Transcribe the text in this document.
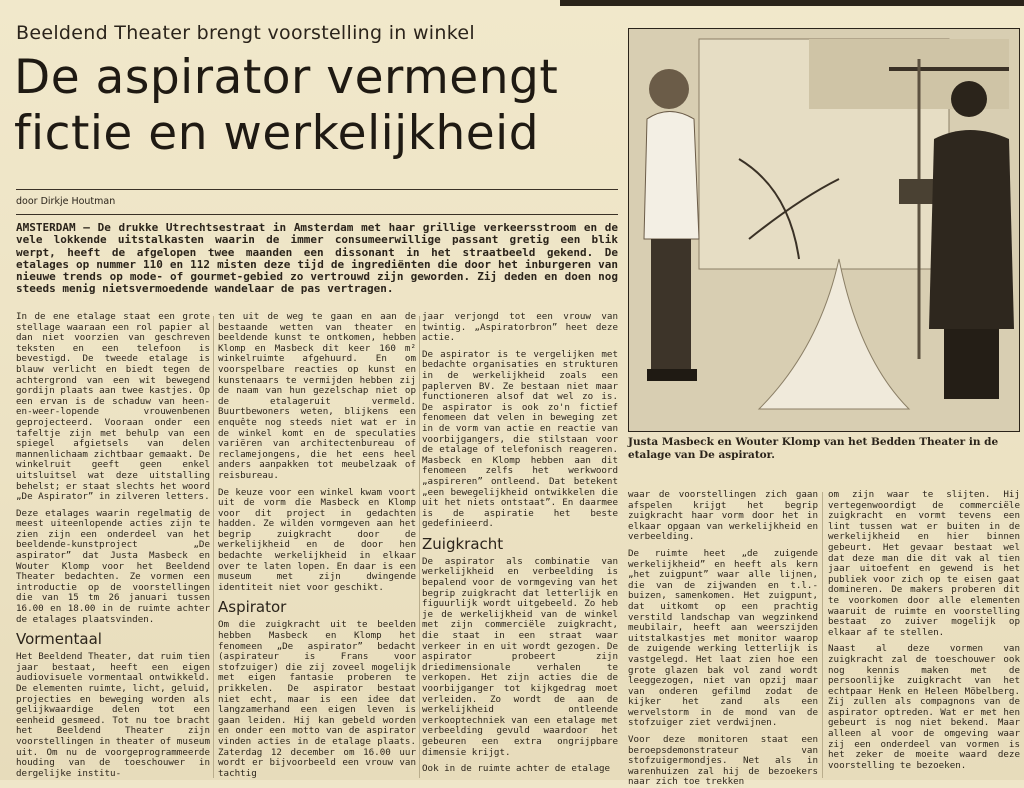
Beeldend Theater brengt voorstelling in winkel
De aspirator vermengt
fictie en werkelijkheid
door Dirkje Houtman
AMSTERDAM — De drukke Utrechtsestraat in Amsterdam met haar grillige verkeersstroom en de vele lokkende uitstalkasten waarin de immer consumeerwillige passant gretig een blik werpt, heeft de afgelopen twee maanden een dissonant in het straatbeeld gekend. De etalages op nummer 110 en 112 misten deze tijd de ingrediënten die door het inburgeren van nieuwe trends op mode- of gourmet-gebied zo vertrouwd zijn geworden. Zij deden en doen nog steeds menig nietsvermoedende wandelaar de pas vertragen.

In de ene etalage staat een grote stellage waaraan een rol papier al dan niet voorzien van geschreven teksten en een telefoon is bevestigd. De tweede etalage is blauw verlicht en biedt tegen de achtergrond van een wit bewegend gordijn plaats aan twee kastjes. Op een ervan is de schaduw van heen-en-weer-lopende vrouwenbenen geprojecteerd. Vooraan onder een tafeltje zijn met behulp van een spiegel afgietsels van delen mannenlichaam zichtbaar gemaakt. De winkelruit geeft geen enkel uitsluitsel wat deze uitstalling behelst; er staat slechts het woord „De Aspirator” in zilveren letters.

Deze etalages waarin regelmatig de meest uiteenlopende acties zijn te zien zijn een onderdeel van het beeldende-kunstproject „De aspirator” dat Justa Masbeck en Wouter Klomp voor het Beeldend Theater bedachten. Ze vormen een introductie op de voorstellingen die van 15 tm 26 januari tussen 16.00 en 18.00 in de ruimte achter de etalages plaatsvinden.

Vormentaal

Het Beeldend Theater, dat ruim tien jaar bestaat, heeft een eigen audiovisuele vormentaal ontwikkeld. De elementen ruimte, licht, geluid, projecties en beweging worden als gelijkwaardige delen tot een eenheid gesmeed. Tot nu toe bracht het Beeldend Theater zijn voorstellingen in theater of museum uit. Om nu de voorgeprogrammeerde houding van de toeschouwer in dergelijke institu-

ten uit de weg te gaan en aan de bestaande wetten van theater en beeldende kunst te ontkomen, hebben Klomp en Masbeck dit keer 160 m² winkelruimte afgehuurd. En om voorspelbare reacties op kunst en kunstenaars te vermijden hebben zij de naam van hun gezelschap niet op de etalageruit vermeld. Buurtbewoners weten, blijkens een enquête nog steeds niet wat er in de winkel komt en de speculaties variëren van architectenbureau of reclamejongens, die het eens heel anders aanpakken tot meubelzaak of reisbureau.

De keuze voor een winkel kwam voort uit de vorm die Masbeck en Klomp voor dit project in gedachten hadden. Ze wilden vormgeven aan het begrip zuigkracht door de werkelijkheid en de door hen bedachte werkelijkheid in elkaar over te laten lopen. En daar is een museum met zijn dwingende identiteit niet voor geschikt.

Aspirator

Om die zuigkracht uit te beelden hebben Masbeck en Klomp het fenomeen „De aspirator” bedacht (aspirateur is Frans voor stofzuiger) die zij zoveel mogelijk met eigen fantasie proberen te prikkelen. De aspirator bestaat niet echt, maar is een idee dat langzamerhand een eigen leven is gaan leiden. Hij kan gebeld worden en onder een motto van de aspirator vinden acties in de etalage plaats. Zaterdag 12 december om 16.00 uur wordt er bijvoorbeeld een vrouw van tachtig

jaar verjongd tot een vrouw van twintig. „Aspiratorbron” heet deze actie.

De aspirator is te vergelijken met bedachte organisaties en strukturen in de werkelijkheid zoals een paplerven BV. Ze bestaan niet maar functioneren alsof dat wel zo is. De aspirator is ook zo'n fictief fenomeen dat velen in beweging zet in de vorm van actie en reactie van voorbijgangers, die stilstaan voor de etalage of telefonisch reageren. Masbeck en Klomp hebben aan dit fenomeen zelfs het werkwoord „aspireren” ontleend. Dat betekent „een bewegelijkheid ontwikkelen die uit het niets ontstaat”. En daarmee is de aspiratie het beste gedefinieerd.

Zuigkracht

De aspirator als combinatie van werkelijkheid en verbeelding is bepalend voor de vormgeving van het begrip zuigkracht dat letterlijk en figuurlijk wordt uitgebeeld. Zo heb je de werkelijkheid van de winkel met zijn commerciële zuigkracht, die staat in een straat waar verkeer in en uit wordt gezogen. De aspirator probeert zijn driedimensionale verhalen te verkopen. Het zijn acties die de voorbijganger tot kijkgedrag moet verleiden. Zo wordt de aan de werkelijkheid ontleende verkooptechniek van een etalage met verbeelding gevuld waardoor het gebeuren een extra ongrijpbare dimensie krijgt.

Ook in de ruimte achter de etalage

Justa Masbeck en Wouter Klomp van het Bedden Theater in de etalage van De aspirator.

waar de voorstellingen zich gaan afspelen krijgt het begrip zuigkracht haar vorm door het in elkaar opgaan van werkelijkheid en verbeelding.

De ruimte heet „de zuigende werkelijkheid” en heeft als kern „het zuigpunt” waar alle lijnen, die van de zijwanden en t.l.-buizen, samenkomen. Het zuigpunt, dat uitkomt op een prachtig verstild landschap van wegzinkend meubilair, heeft aan weerszijden uitstalkastjes met monitor waarop de zuigende werking letterlijk is vastgelegd. Het laat zien hoe een grote glazen bak vol zand wordt leeggezogen, niet van opzij maar van onderen gefilmd zodat de kijker het zand als een wervelstorm in de mond van de stofzuiger ziet verdwijnen.

Voor deze monitoren staat een beroepsdemonstrateur van stofzuigermondjes. Net als in warenhuizen zal hij de bezoekers naar zich toe trekken

om zijn waar te slijten. Hij vertegenwoordigt de commerciële zuigkracht en vormt tevens een lint tussen wat er buiten in de werkelijkheid en hier binnen gebeurt. Het gevaar bestaat wel dat deze man die dit vak al tien jaar uitoefent en gewend is het publiek voor zich op te eisen gaat domineren. De makers proberen dit te voorkomen door alle elementen waaruit de ruimte en voorstelling bestaat zo zuiver mogelijk op elkaar af te stellen.

Naast al deze vormen van zuigkracht zal de toeschouwer ook nog kennis maken met de persoonlijke zuigkracht van het echtpaar Henk en Heleen Möbelberg. Zij zullen als compagnons van de aspirator optreden. Wat er met hen gebeurt is nog niet bekend. Maar alleen al voor de omgeving waar zij een onderdeel van vormen is het zeker de moeite waard deze voorstelling te bezoeken.
